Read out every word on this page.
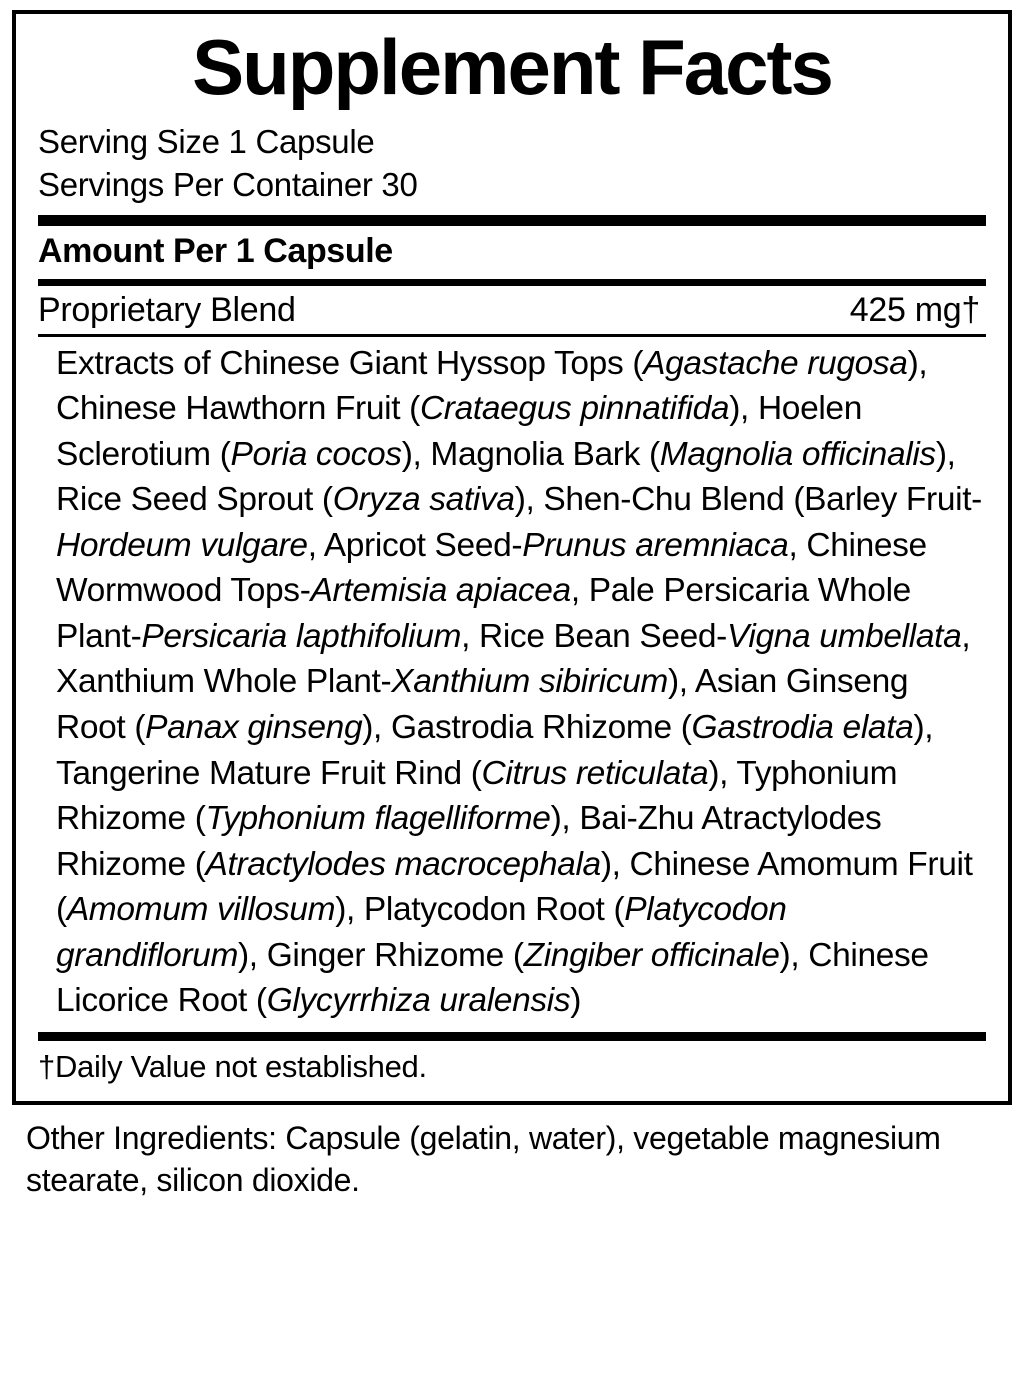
Supplement Facts
Serving Size 1 Capsule
Servings Per Container 30
Amount Per 1 Capsule
Proprietary Blend	425 mg†
Extracts of Chinese Giant Hyssop Tops (Agastache rugosa), Chinese Hawthorn Fruit (Crataegus pinnatifida), Hoelen Sclerotium (Poria cocos), Magnolia Bark (Magnolia officinalis), Rice Seed Sprout (Oryza sativa), Shen-Chu Blend (Barley Fruit-Hordeum vulgare, Apricot Seed-Prunus aremniaca, Chinese Wormwood Tops-Artemisia apiacea, Pale Persicaria Whole Plant-Persicaria lapthifolium, Rice Bean Seed-Vigna umbellata, Xanthium Whole Plant-Xanthium sibiricum), Asian Ginseng Root (Panax ginseng), Gastrodia Rhizome (Gastrodia elata), Tangerine Mature Fruit Rind (Citrus reticulata), Typhonium Rhizome (Typhonium flagelliforme), Bai-Zhu Atractylodes Rhizome (Atractylodes macrocephala), Chinese Amomum Fruit (Amomum villosum), Platycodon Root (Platycodon grandiflorum), Ginger Rhizome (Zingiber officinale), Chinese Licorice Root (Glycyrrhiza uralensis)
†Daily Value not established.
Other Ingredients: Capsule (gelatin, water), vegetable magnesium stearate, silicon dioxide.
